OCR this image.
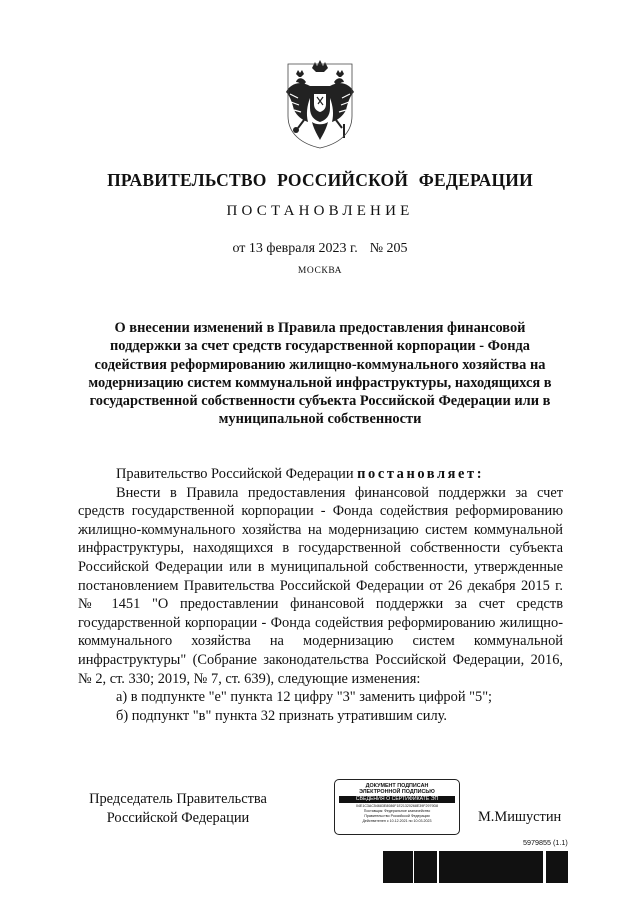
ПРАВИТЕЛЬСТВО РОССИЙСКОЙ ФЕДЕРАЦИИ
ПОСТАНОВЛЕНИЕ
от 13 февраля 2023 г. № 205
МОСКВА
О внесении изменений в Правила предоставления финансовой поддержки за счет средств государственной корпорации - Фонда содействия реформированию жилищно-коммунального хозяйства на модернизацию систем коммунальной инфраструктуры, находящихся в государственной собственности субъекта Российской Федерации или в муниципальной собственности

Правительство Российской Федерации постановляет:

Внести в Правила предоставления финансовой поддержки за счет средств государственной корпорации - Фонда содействия реформированию жилищно-коммунального хозяйства на модернизацию систем коммунальной инфраструктуры, находящихся в государственной собственности субъекта Российской Федерации или в муниципальной собственности, утвержденные постановлением Правительства Российской Федерации от 26 декабря 2015 г. № 1451 "О предоставлении финансовой поддержки за счет средств государственной корпорации - Фонда содействия реформированию жилищно-коммунального хозяйства на модернизацию систем коммунальной инфраструктуры" (Собрание законодательства Российской Федерации, 2016, № 2, ст. 330; 2019, № 7, ст. 639), следующие изменения:

а) в подпункте "е" пункта 12 цифру "3" заменить цифрой "5";

б) подпункт "в" пункта 32 признать утратившим силу.

Председатель Правительства
Российской Федерации
ДОКУМЕНТ ПОДПИСАН
ЭЛЕКТРОННОЙ ПОДПИСЬЮ
СВЕДЕНИЯ О СЕРТИФИКАТЕ ЭП
04E1C3AC54683E8086F1E21320268E39F2979D8
Поставщик: Федеральное казначейство
Правительство Российской Федерации
Действителен с 10.12.2021 по 10.03.2023	М.Мишустин
5979855 (1.1)
